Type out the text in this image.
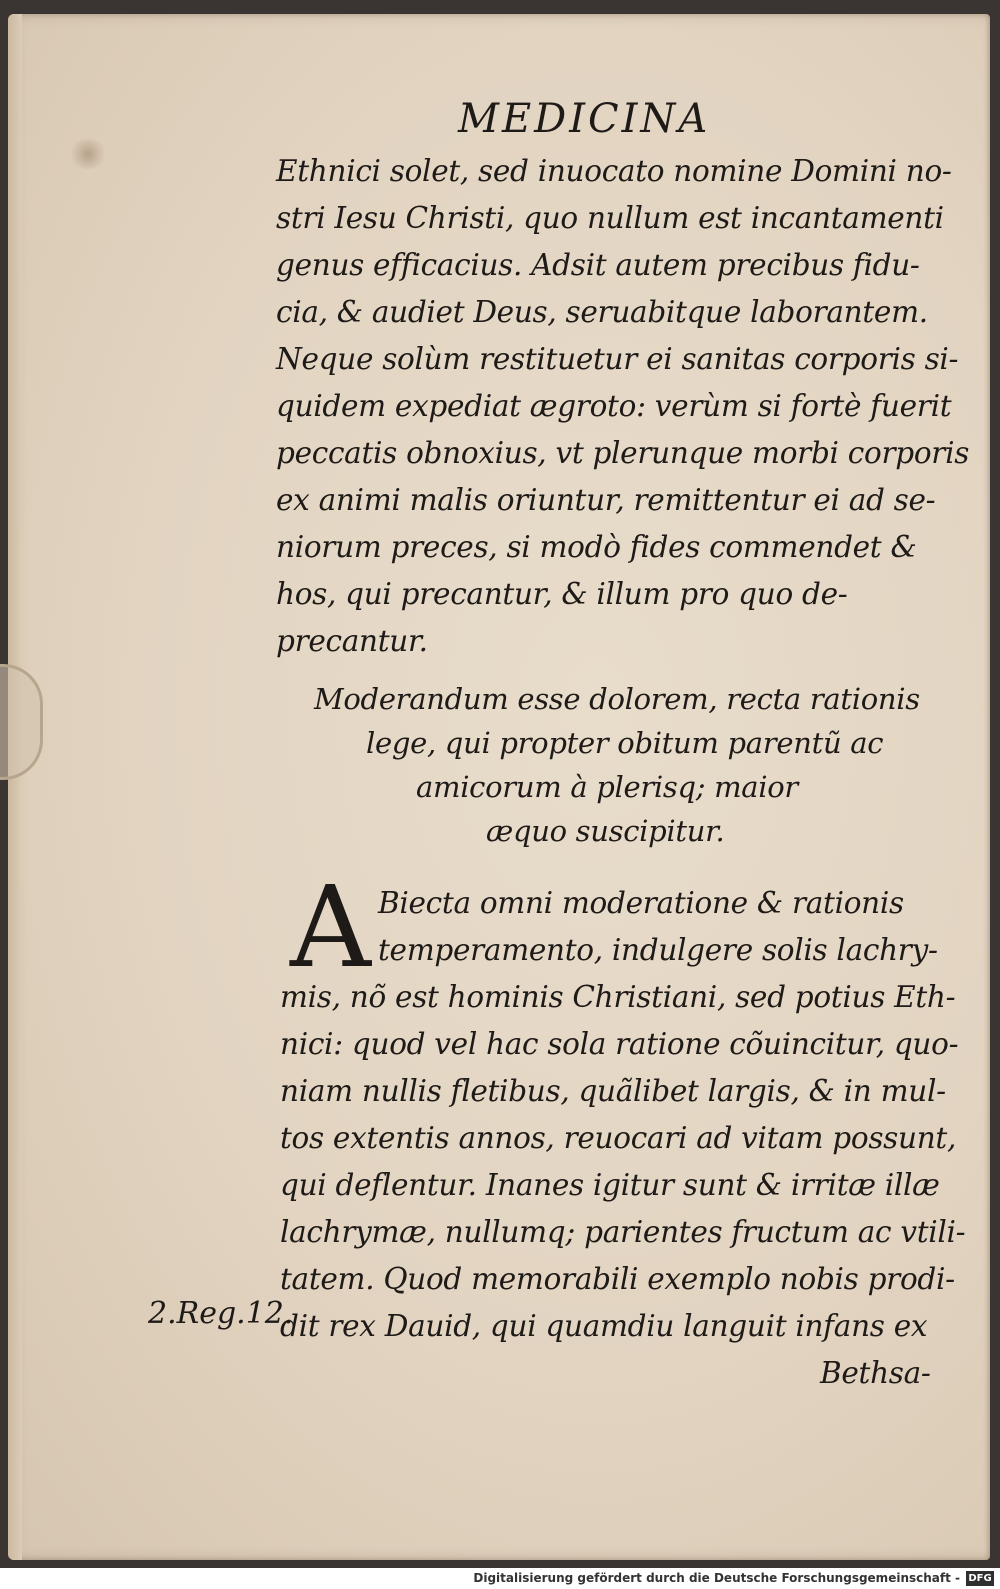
MEDICINA
Ethnici solet, sed inuocato nomine Domini no-
stri Iesu Christi, quo nullum est incantamenti
genus efficacius. Adsit autem precibus fidu-
cia, & audiet Deus, seruabitque laborantem.
Neque solùm restituetur ei sanitas corporis si-
quidem expediat ægroto: verùm si fortè fuerit
peccatis obnoxius, vt plerunque morbi corporis
ex animi malis oriuntur, remittentur ei ad se-
niorum preces, si modò fides commendet &
hos, qui precantur, & illum pro quo de-
precantur.
Moderandum esse dolorem, recta rationis
lege, qui propter obitum parentũ ac
amicorum à plerisq; maior
æquo suscipitur.
A Biecta omni moderatione & rationis
temperamento, indulgere solis lachry-
mis, nõ est hominis Christiani, sed potius Eth-
nici: quod vel hac sola ratione cõuincitur, quo-
niam nullis fletibus, quãlibet largis, & in mul-
tos extentis annos, reuocari ad vitam possunt,
qui deflentur. Inanes igitur sunt & irritæ illæ
lachrymæ, nullumq; parientes fructum ac vtili-
tatem. Quod memorabili exemplo nobis prodi-
dit rex Dauid, qui quamdiu languit infans ex
Bethsa-
2.Reg.12.
Digitalisierung gefördert durch die Deutsche Forschungsgemeinschaft - DFG
